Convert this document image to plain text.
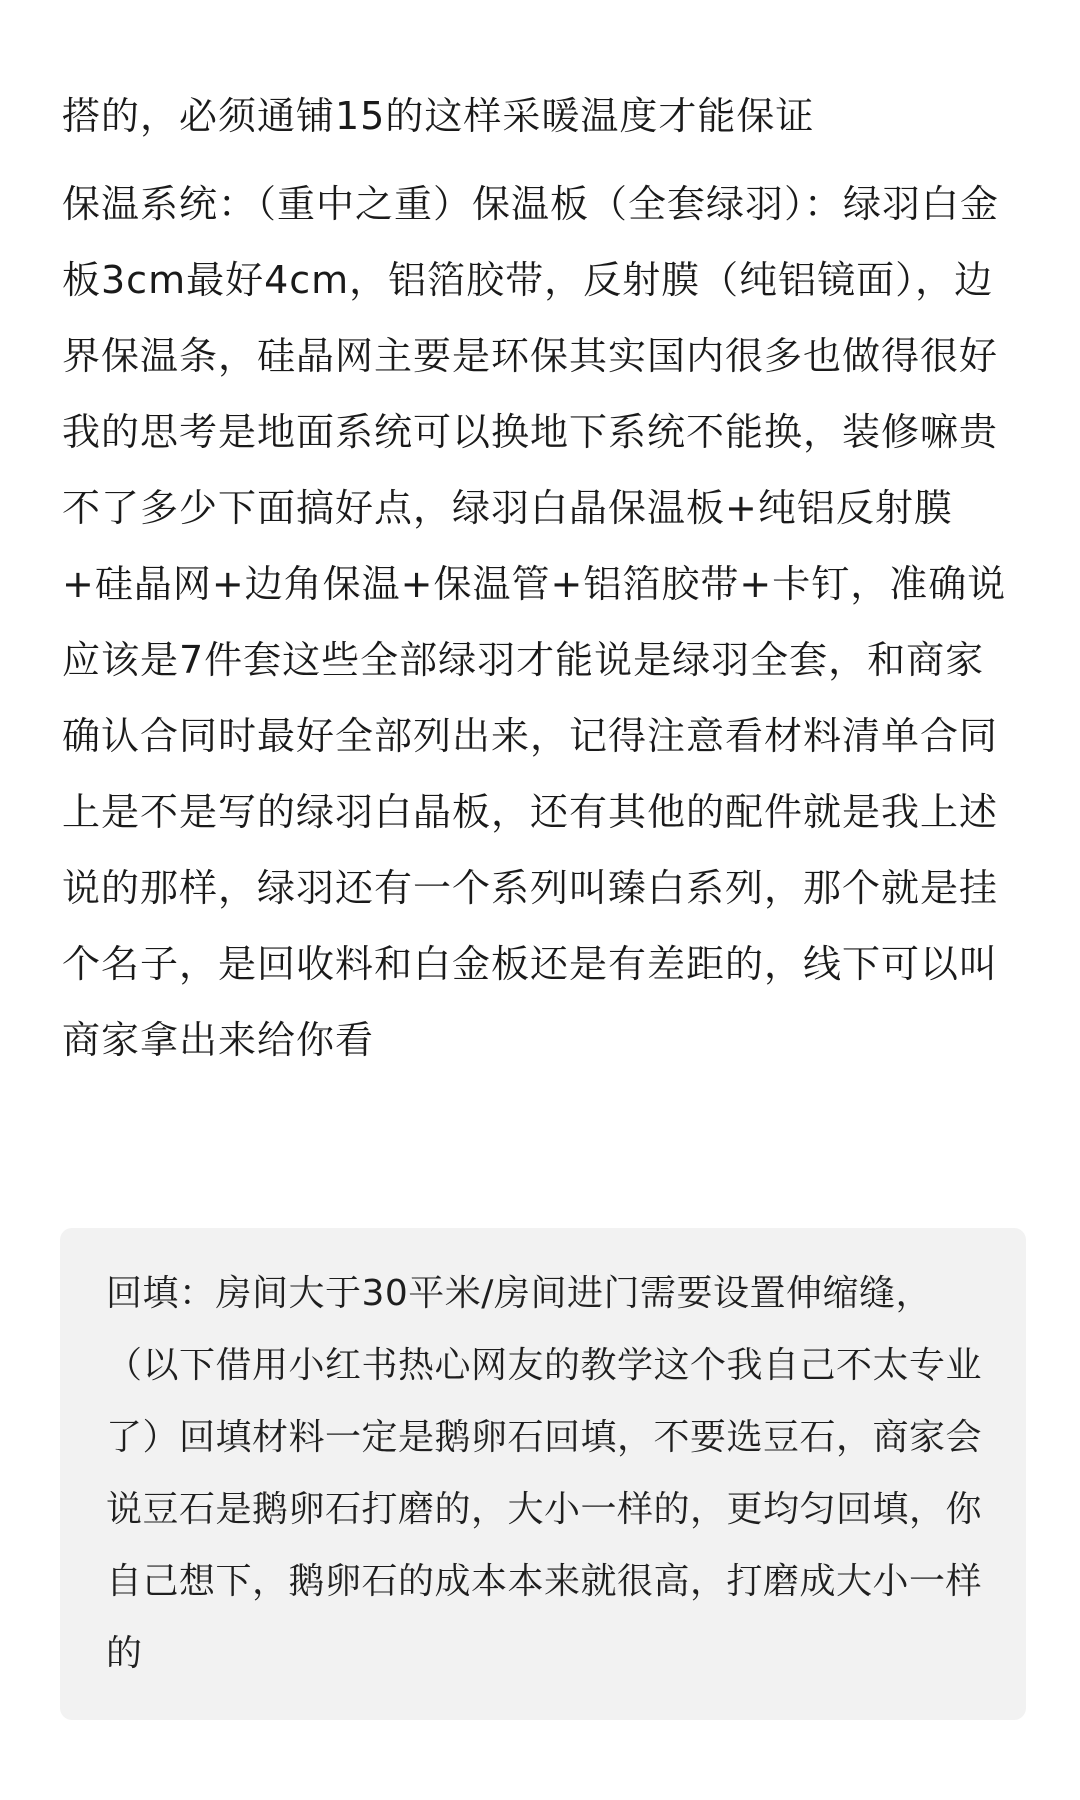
搭的，必须通铺15的这样采暖温度才能保证

保温系统：（重中之重）保温板（全套绿羽）：绿羽白金板3cm最好4cm，铝箔胶带，反射膜（纯铝镜面），边界保温条，硅晶网主要是环保其实国内很多也做得很好 我的思考是地面系统可以换地下系统不能换，装修嘛贵不了多少下面搞好点，绿羽白晶保温板+纯铝反射膜+硅晶网+边角保温+保温管+铝箔胶带+卡钉，准确说应该是7件套这些全部绿羽才能说是绿羽全套，和商家确认合同时最好全部列出来，记得注意看材料清单合同上是不是写的绿羽白晶板，还有其他的配件就是我上述说的那样，绿羽还有一个系列叫臻白系列，那个就是挂个名子，是回收料和白金板还是有差距的，线下可以叫商家拿出来给你看

回填：房间大于30平米/房间进门需要设置伸缩缝，（以下借用小红书热心网友的教学这个我自己不太专业了）回填材料一定是鹅卵石回填，不要选豆石，商家会说豆石是鹅卵石打磨的，大小一样的，更均匀回填，你自己想下，鹅卵石的成本本来就很高，打磨成大小一样的
